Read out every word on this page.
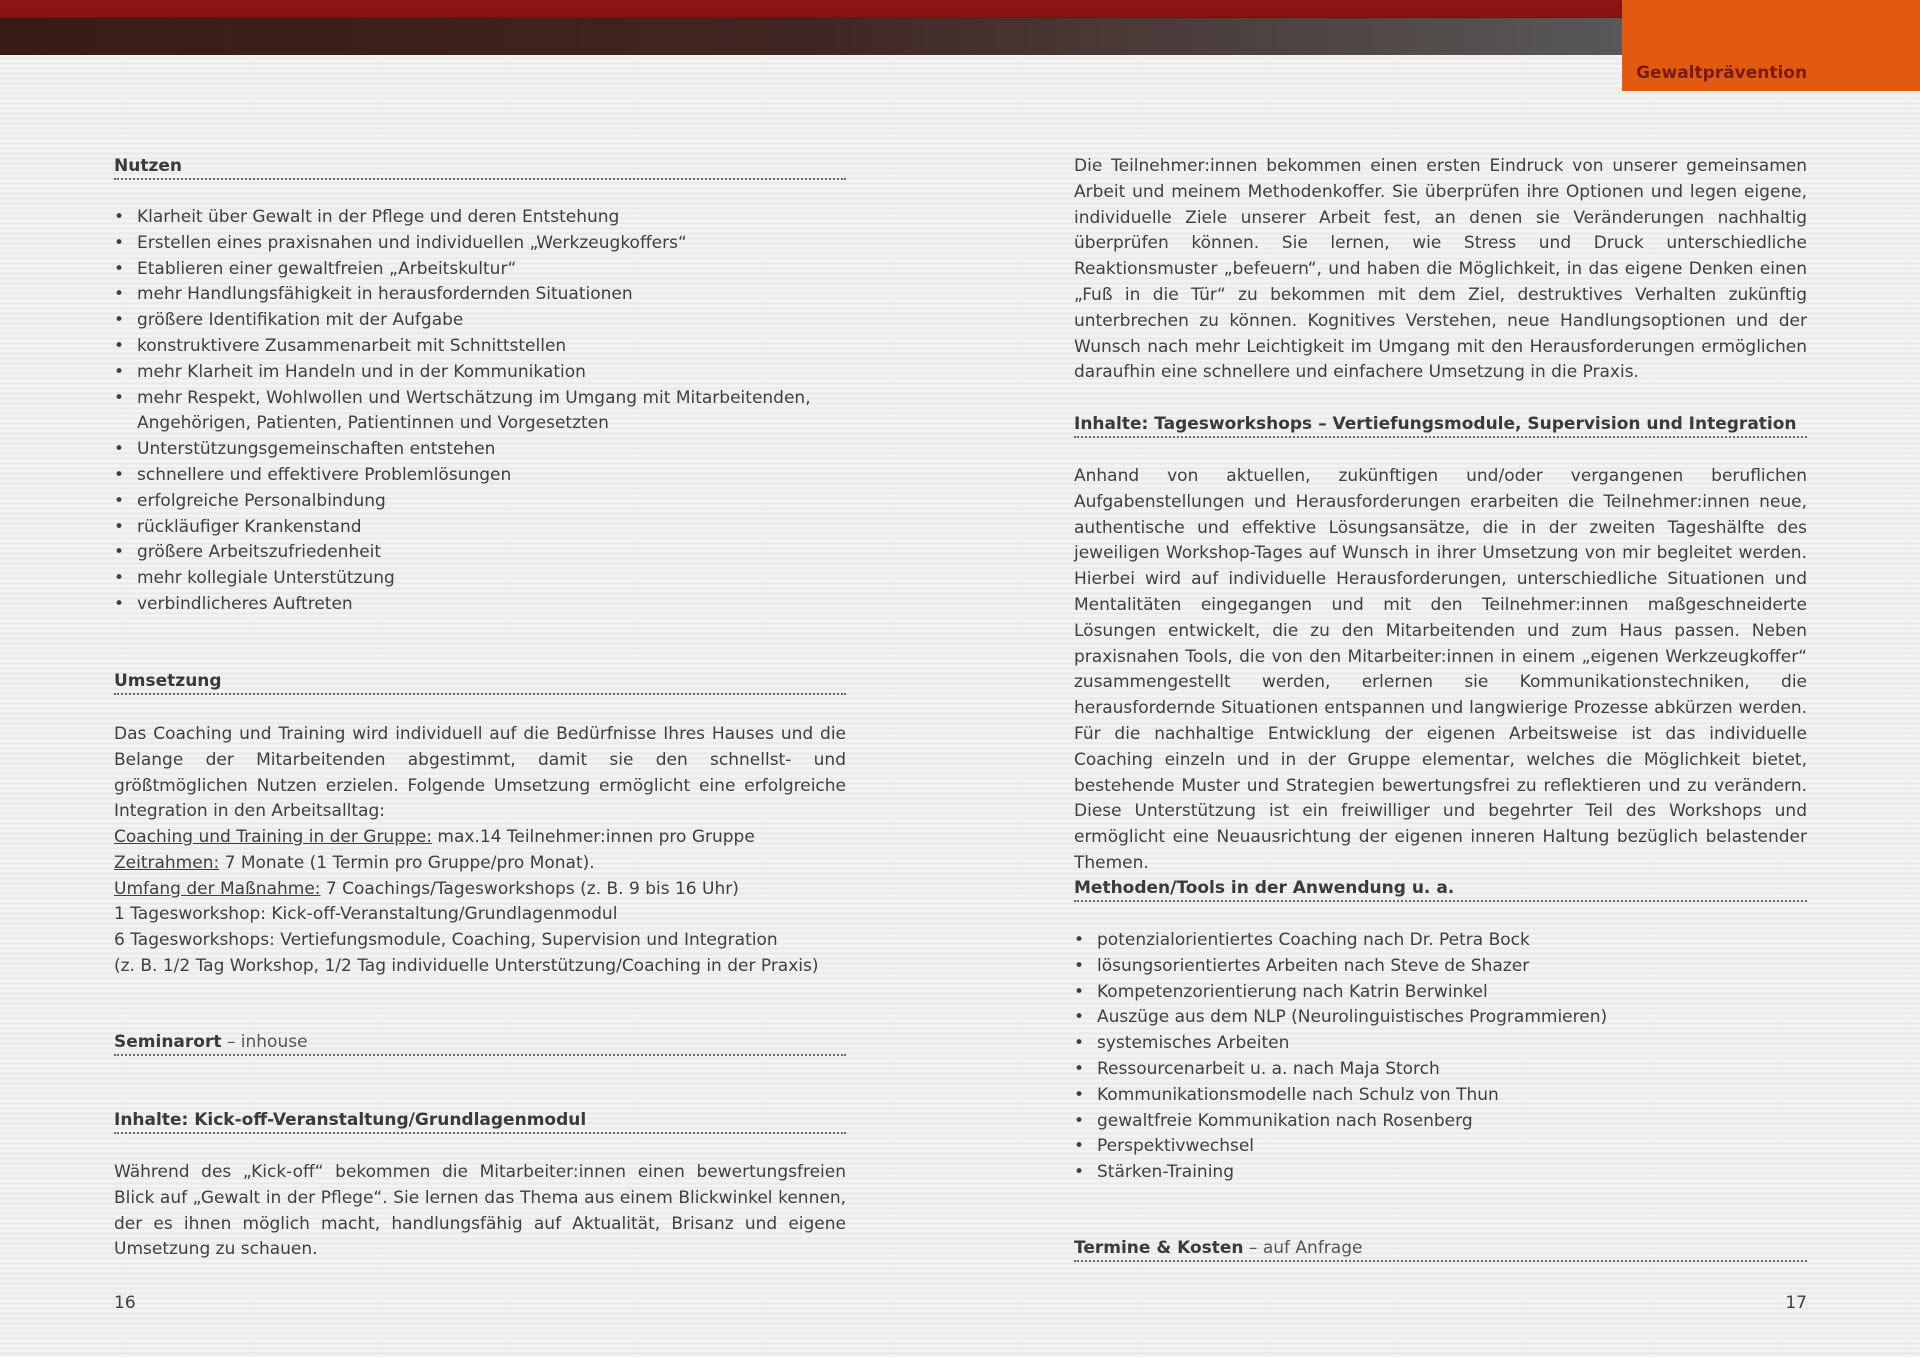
Gewaltprävention
Nutzen
• Klarheit über Gewalt in der Pflege und deren Entstehung
• Erstellen eines praxisnahen und individuellen „Werkzeugkoffers“
• Etablieren einer gewaltfreien „Arbeitskultur“
• mehr Handlungsfähigkeit in herausfordernden Situationen
• größere Identifikation mit der Aufgabe
• konstruktivere Zusammenarbeit mit Schnittstellen
• mehr Klarheit im Handeln und in der Kommunikation
• mehr Respekt, Wohlwollen und Wertschätzung im Umgang mit Mitarbeitenden, Angehörigen, Patienten, Patientinnen und Vorgesetzten
• Unterstützungsgemeinschaften entstehen
• schnellere und effektivere Problemlösungen
• erfolgreiche Personalbindung
• rückläufiger Krankenstand
• größere Arbeitszufriedenheit
• mehr kollegiale Unterstützung
• verbindlicheres Auftreten
Umsetzung

Das Coaching und Training wird individuell auf die Bedürfnisse Ihres Hauses und die Belange der Mitarbeitenden abgestimmt, damit sie den schnellst- und größtmöglichen Nutzen erzielen. Folgende Umsetzung ermöglicht eine erfolgreiche Integration in den Arbeitsalltag:

Coaching und Training in der Gruppe: max.14 Teilnehmer:innen pro Gruppe
Zeitrahmen: 7 Monate (1 Termin pro Gruppe/pro Monat).
Umfang der Maßnahme: 7 Coachings/Tagesworkshops (z. B. 9 bis 16 Uhr)
1 Tagesworkshop: Kick-off-Veranstaltung/Grundlagenmodul
6 Tagesworkshops: Vertiefungsmodule, Coaching, Supervision und Integration
(z. B. 1/2 Tag Workshop, 1/2 Tag individuelle Unterstützung/Coaching in der Praxis)
Seminarort – inhouse
Inhalte: Kick-off-Veranstaltung/Grundlagenmodul

Während des „Kick-off“ bekommen die Mitarbeiter:innen einen bewertungsfreien Blick auf „Gewalt in der Pflege“. Sie lernen das Thema aus einem Blickwinkel kennen, der es ihnen möglich macht, handlungsfähig auf Aktualität, Brisanz und eigene Umsetzung zu schauen.

16

Die Teilnehmer:innen bekommen einen ersten Eindruck von unserer gemeinsamen Arbeit und meinem Methodenkoffer. Sie überprüfen ihre Optionen und legen eigene, individuelle Ziele unserer Arbeit fest, an denen sie Veränderungen nachhaltig überprüfen können. Sie lernen, wie Stress und Druck unterschiedliche Reaktionsmuster „befeuern“, und haben die Möglichkeit, in das eigene Denken einen „Fuß in die Tür“ zu bekommen mit dem Ziel, destruktives Verhalten zukünftig unterbrechen zu können. Kognitives Verstehen, neue Handlungsoptionen und der Wunsch nach mehr Leichtigkeit im Umgang mit den Herausforderungen ermöglichen daraufhin eine schnellere und einfachere Umsetzung in die Praxis.

Inhalte: Tagesworkshops – Vertiefungsmodule, Supervision und Integration

Anhand von aktuellen, zukünftigen und/oder vergangenen beruflichen Aufgabenstellungen und Herausforderungen erarbeiten die Teilnehmer:innen neue, authentische und effektive Lösungsansätze, die in der zweiten Tageshälfte des jeweiligen Workshop-Tages auf Wunsch in ihrer Umsetzung von mir begleitet werden. Hierbei wird auf individuelle Herausforderungen, unterschiedliche Situationen und Mentalitäten eingegangen und mit den Teilnehmer:innen maßgeschneiderte Lösungen entwickelt, die zu den Mitarbeitenden und zum Haus passen. Neben praxisnahen Tools, die von den Mitarbeiter:innen in einem „eigenen Werkzeugkoffer“ zusammengestellt werden, erlernen sie Kommunikationstechniken, die herausfordernde Situationen entspannen und langwierige Prozesse abkürzen werden. Für die nachhaltige Entwicklung der eigenen Arbeitsweise ist das individuelle Coaching einzeln und in der Gruppe elementar, welches die Möglichkeit bietet, bestehende Muster und Strategien bewertungsfrei zu reflektieren und zu verändern. Diese Unterstützung ist ein freiwilliger und begehrter Teil des Workshops und ermöglicht eine Neuausrichtung der eigenen inneren Haltung bezüglich belastender Themen.

Methoden/Tools in der Anwendung u. a.
• potenzialorientiertes Coaching nach Dr. Petra Bock
• lösungsorientiertes Arbeiten nach Steve de Shazer
• Kompetenzorientierung nach Katrin Berwinkel
• Auszüge aus dem NLP (Neurolinguistisches Programmieren)
• systemisches Arbeiten
• Ressourcenarbeit u. a. nach Maja Storch
• Kommunikationsmodelle nach Schulz von Thun
• gewaltfreie Kommunikation nach Rosenberg
• Perspektivwechsel
• Stärken-Training
Termine & Kosten – auf Anfrage
17
